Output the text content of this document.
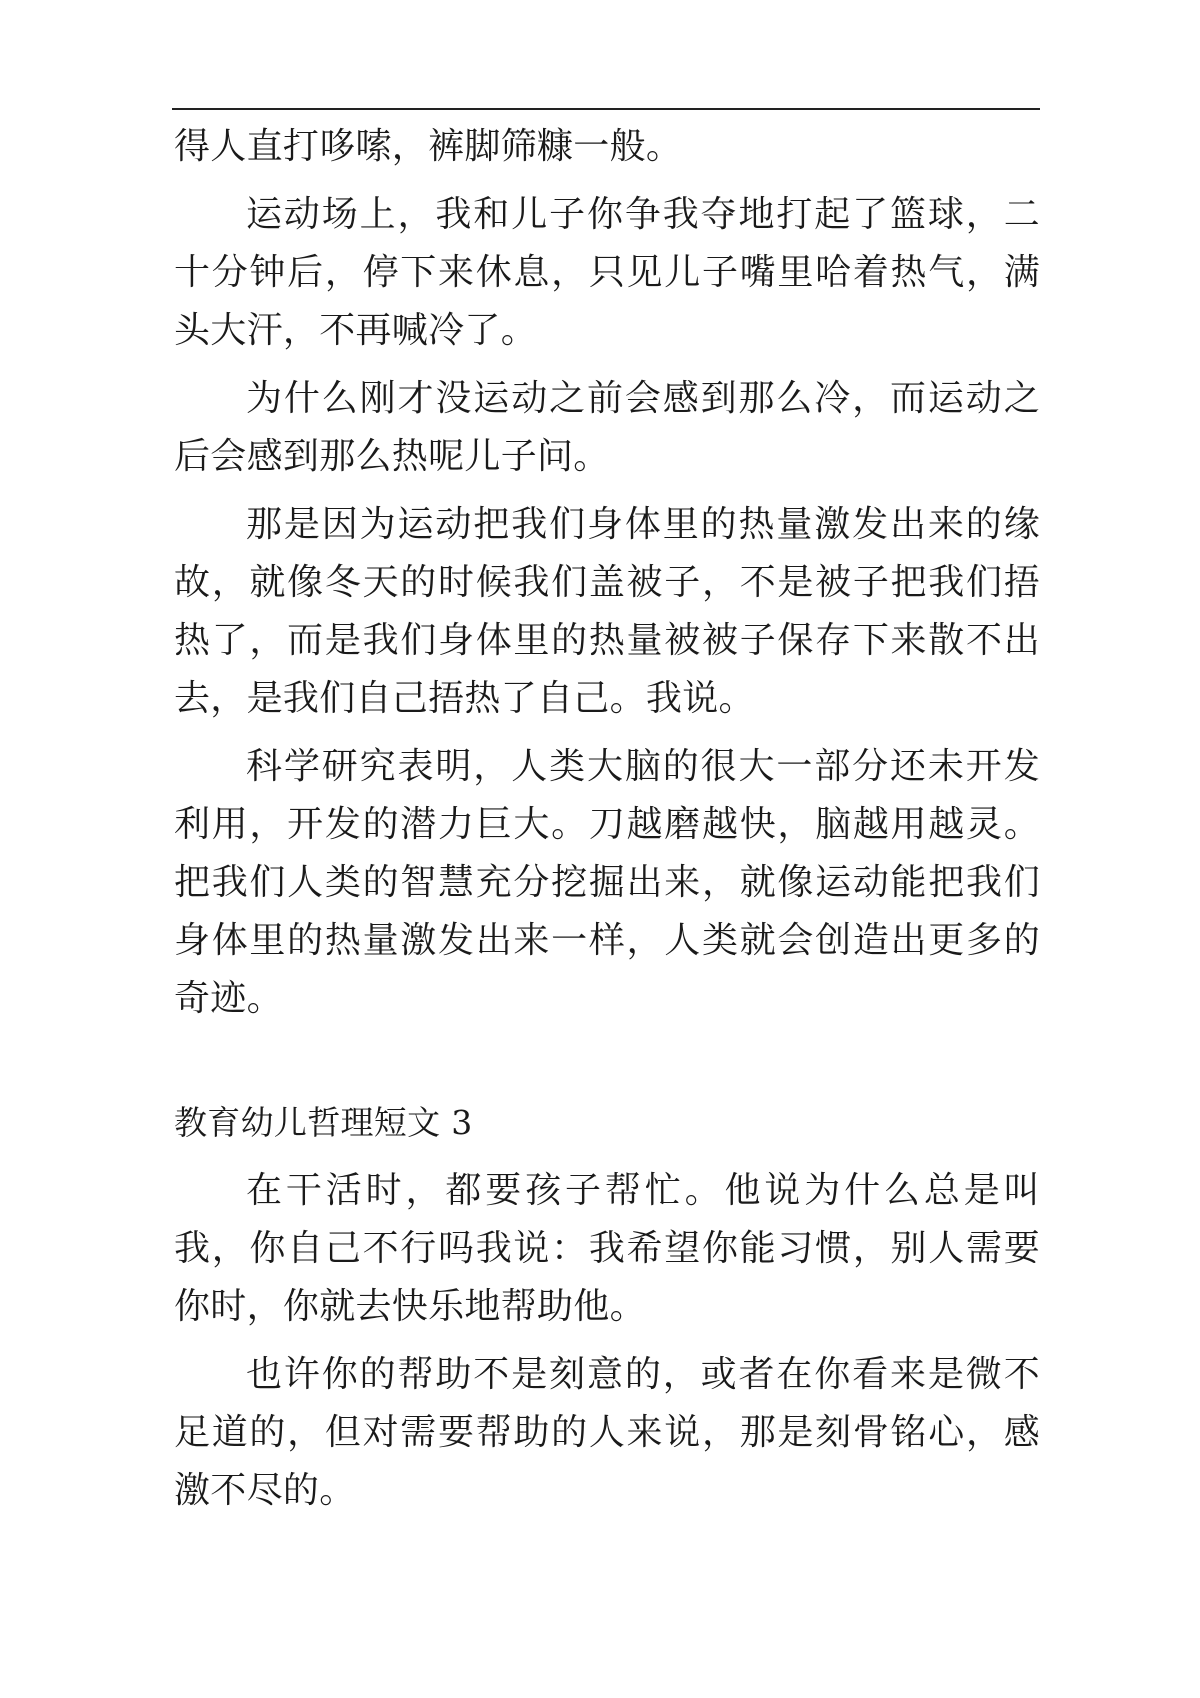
得人直打哆嗦，裤脚筛糠一般。

运动场上，我和儿子你争我夺地打起了篮球，二十分钟后，停下来休息，只见儿子嘴里哈着热气，满头大汗，不再喊冷了。

为什么刚才没运动之前会感到那么冷，而运动之后会感到那么热呢儿子问。

那是因为运动把我们身体里的热量激发出来的缘故，就像冬天的时候我们盖被子，不是被子把我们捂热了，而是我们身体里的热量被被子保存下来散不出去，是我们自己捂热了自己。我说。

科学研究表明，人类大脑的很大一部分还未开发利用，开发的潜力巨大。刀越磨越快，脑越用越灵。把我们人类的智慧充分挖掘出来，就像运动能把我们身体里的热量激发出来一样，人类就会创造出更多的奇迹。

教育幼儿哲理短文 3

在干活时，都要孩子帮忙。他说为什么总是叫我，你自己不行吗我说：我希望你能习惯，别人需要你时，你就去快乐地帮助他。

也许你的帮助不是刻意的，或者在你看来是微不足道的，但对需要帮助的人来说，那是刻骨铭心，感激不尽的。
